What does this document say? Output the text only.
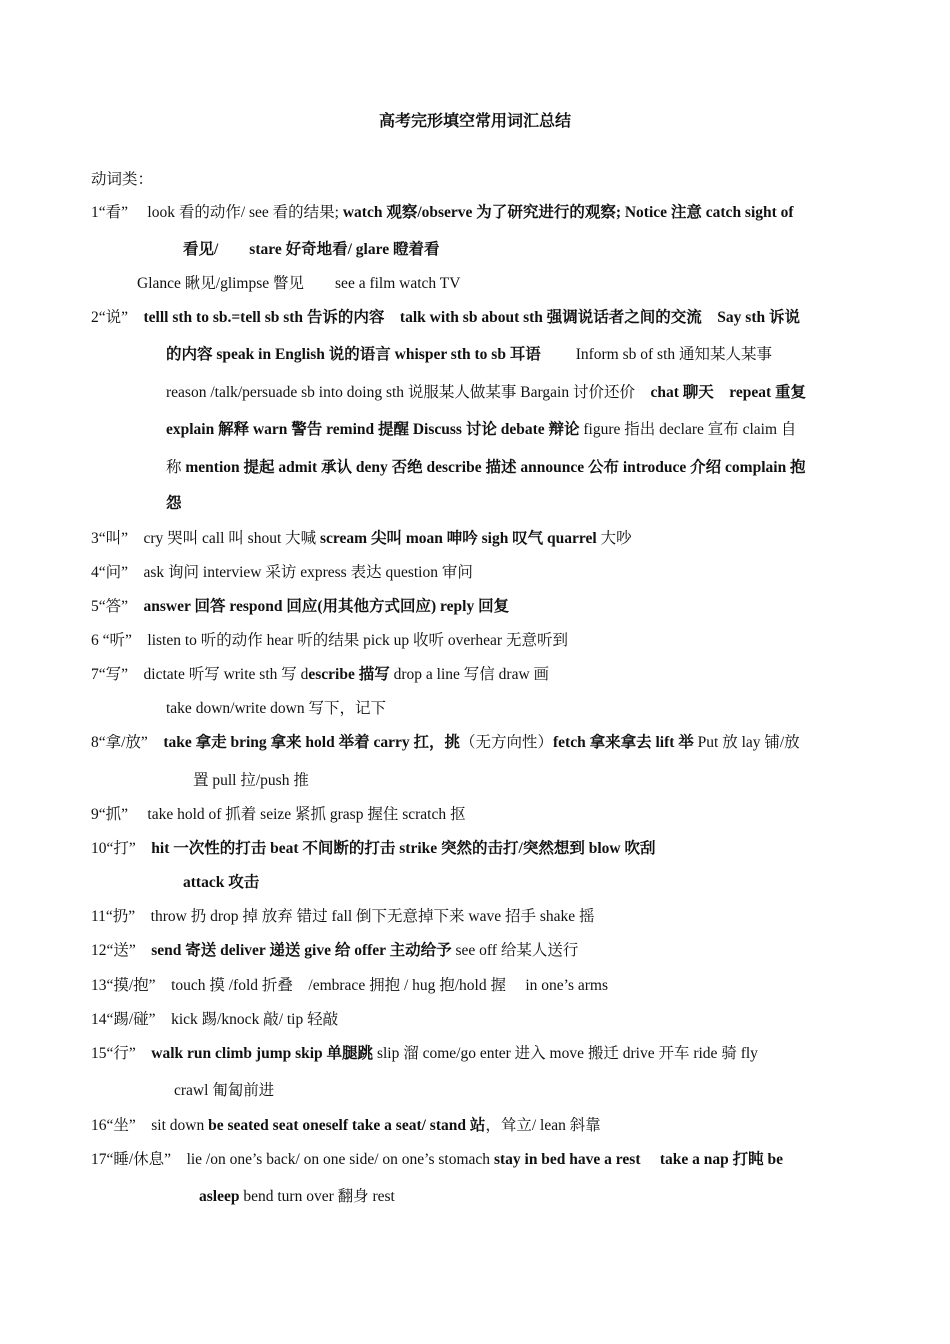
高考完形填空常用词汇总结
动词类：
1“看”　 look 看的动作/ see 看的结果; watch 观察/observe 为了研究进行的观察; Notice 注意 catch sight of
看见/　　stare 好奇地看/ glare 瞪着看
Glance 瞅见/glimpse 瞥见　　see a film watch TV
2“说”　telll sth to sb.=tell sb sth 告诉的内容　talk with sb about sth 强调说话者之间的交流　Say sth 诉说
的内容 speak in English 说的语言 whisper sth to sb 耳语　　 Inform sb of sth 通知某人某事
reason /talk/persuade sb into doing sth 说服某人做某事 Bargain 讨价还价　chat 聊天　repeat 重复
explain 解释 warn 警告 remind 提醒 Discuss 讨论 debate 辩论 figure 指出 declare 宣布 claim 自
称 mention 提起 admit 承认 deny 否绝 describe 描述 announce 公布 introduce 介绍 complain 抱
怨
3“叫”　cry 哭叫 call 叫 shout 大喊 scream 尖叫 moan 呻吟 sigh 叹气 quarrel 大吵
4“问”　ask 询问 interview 采访 express 表达 question 审问
5“答”　answer 回答 respond 回应(用其他方式回应) reply 回复
6 “听”　listen to 听的动作 hear 听的结果 pick up 收听 overhear 无意听到
7“写”　dictate 听写 write sth 写 describe 描写 drop a line 写信 draw 画
take down/write down 写下，记下
8“拿/放”　take 拿走 bring 拿来 hold 举着 carry 扛，挑（无方向性）fetch 拿来拿去 lift 举 Put 放 lay 铺/放
置 pull 拉/push 推
9“抓”　 take hold of 抓着 seize 紧抓 grasp 握住 scratch 抠
10“打”　hit 一次性的打击 beat 不间断的打击 strike 突然的击打/突然想到 blow 吹刮
attack 攻击
11“扔”　throw 扔 drop 掉 放弃 错过 fall 倒下无意掉下来 wave 招手 shake 摇
12“送”　send 寄送 deliver 递送 give 给 offer 主动给予 see off 给某人送行
13“摸/抱”　touch 摸 /fold 折叠　/embrace 拥抱 / hug 抱/hold 握　 in one’s arms
14“踢/碰”　kick 踢/knock 敲/ tip 轻敲
15“行”　walk run climb jump skip 单腿跳 slip 溜 come/go enter 进入 move 搬迁 drive 开车 ride 骑 fly
crawl 匍匐前进
16“坐”　sit down be seated seat oneself take a seat/ stand 站，耸立/ lean 斜靠
17“睡/休息”　lie /on one’s back/ on one side/ on one’s stomach stay in bed have a rest　 take a nap 打盹 be
asleep bend turn over 翻身 rest
